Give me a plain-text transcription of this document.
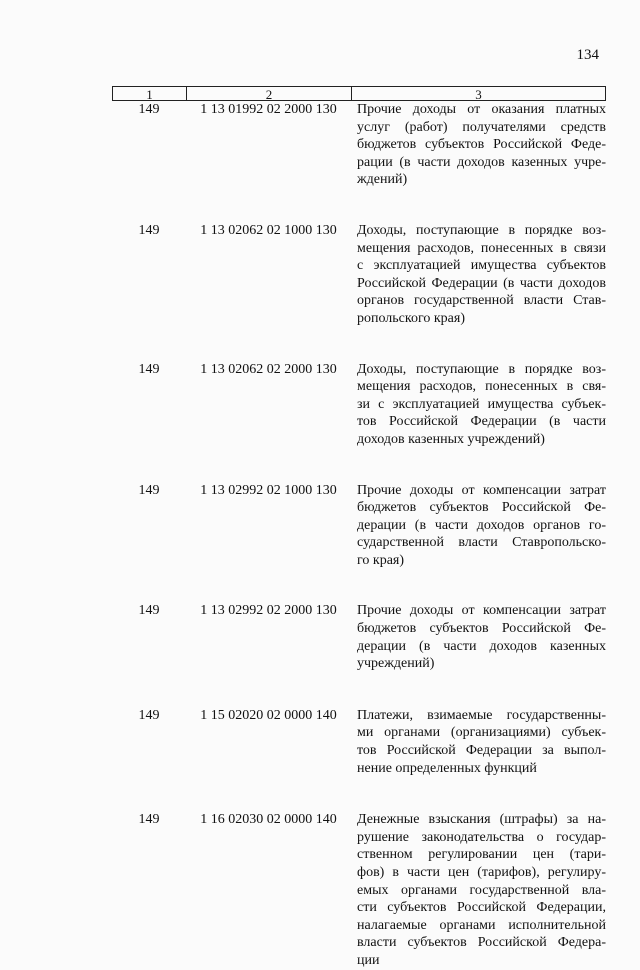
134
1	2	3
149	1 13 01992 02 2000 130	Прочие доходы от оказания платных
услуг (работ) получателями средств
бюджетов субъектов Российской Феде-
рации (в части доходов казенных учре-
ждений)
149	1 13 02062 02 1000 130	Доходы, поступающие в порядке воз-
мещения расходов, понесенных в связи
с эксплуатацией имущества субъектов
Российской Федерации (в части доходов
органов государственной власти Став-
ропольского края)
149	1 13 02062 02 2000 130	Доходы, поступающие в порядке воз-
мещения расходов, понесенных в свя-
зи с эксплуатацией имущества субъек-
тов Российской Федерации (в части
доходов казенных учреждений)
149	1 13 02992 02 1000 130	Прочие доходы от компенсации затрат
бюджетов субъектов Российской Фе-
дерации (в части доходов органов го-
сударственной власти Ставропольско-
го края)
149	1 13 02992 02 2000 130	Прочие доходы от компенсации затрат
бюджетов субъектов Российской Фе-
дерации (в части доходов казенных
учреждений)
149	1 15 02020 02 0000 140	Платежи, взимаемые государственны-
ми органами (организациями) субъек-
тов Российской Федерации за выпол-
нение определенных функций
149	1 16 02030 02 0000 140	Денежные взыскания (штрафы) за на-
рушение законодательства о государ-
ственном регулировании цен (тари-
фов) в части цен (тарифов), регулиру-
емых органами государственной вла-
сти субъектов Российской Федерации,
налагаемые органами исполнительной
власти субъектов Российской Федера-
ции
